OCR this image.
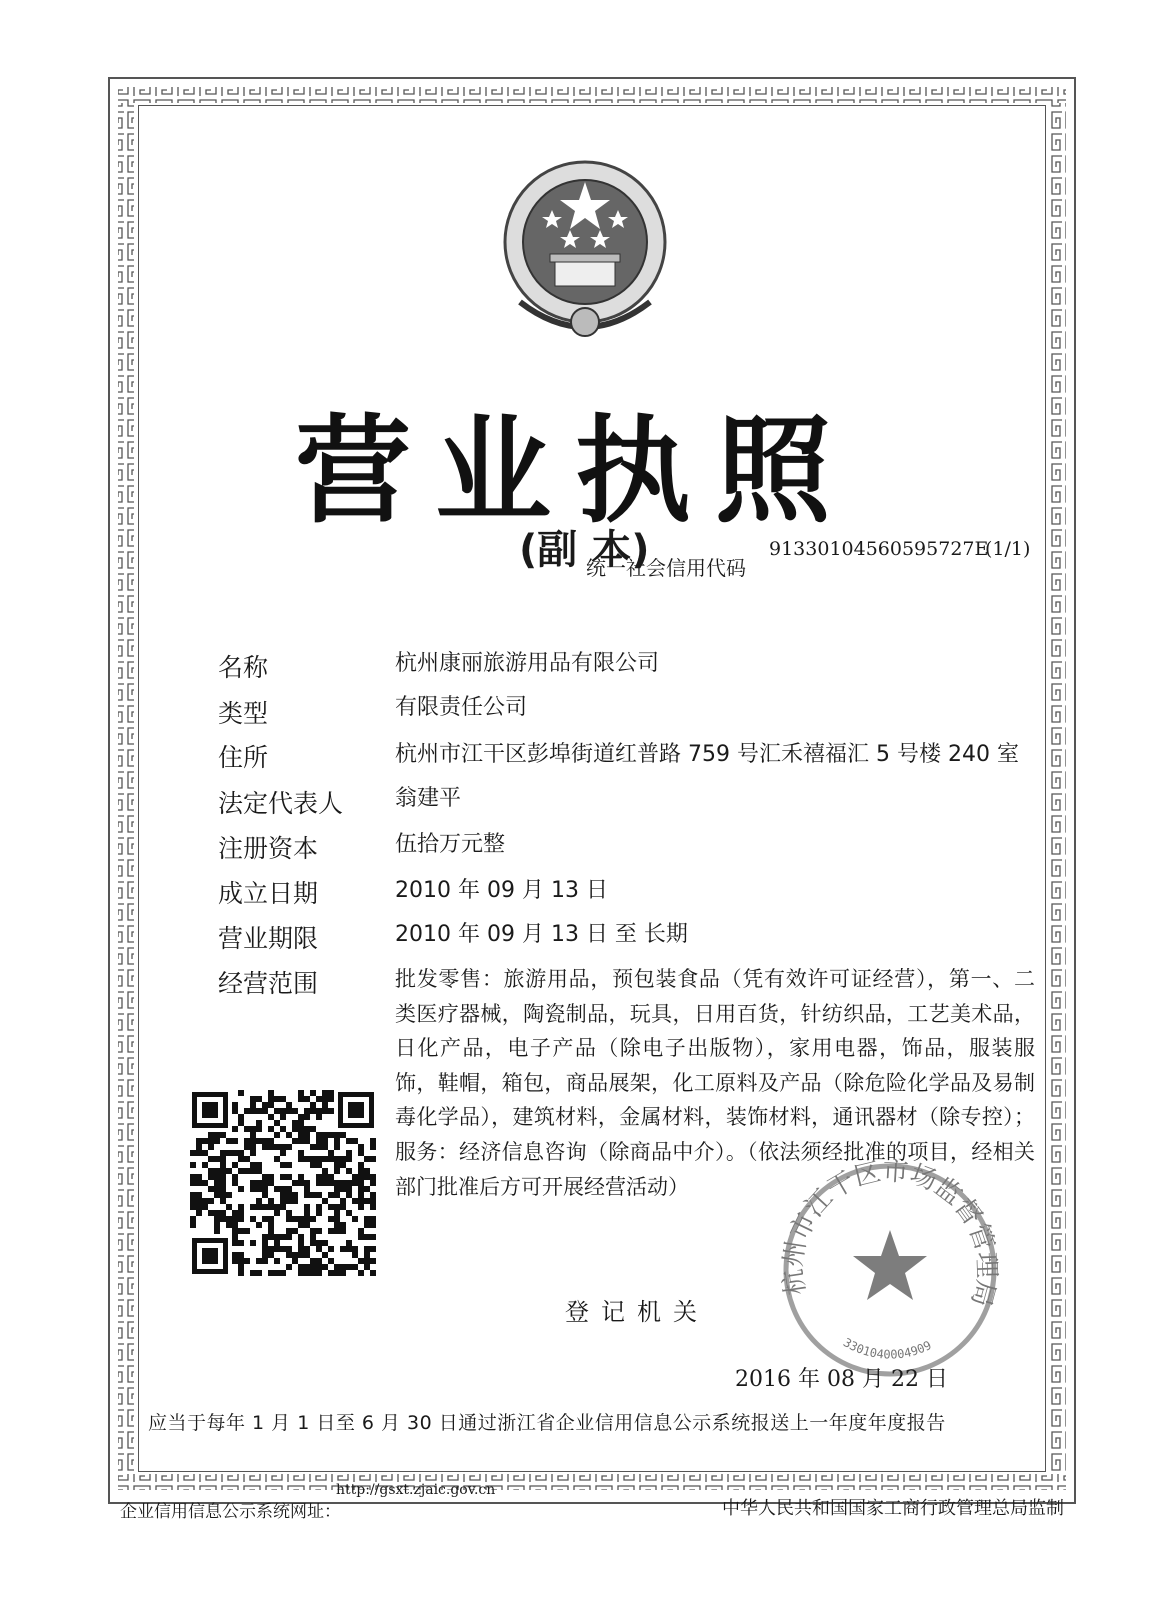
营业执照
(副 本)
统一社会信用代码
91330104560595727E
(1/1)
名称	杭州康丽旅游用品有限公司
类型	有限责任公司
住所	杭州市江干区彭埠街道红普路 759 号汇禾禧福汇 5 号楼 240 室
法定代表人 翁建平
注册资本	伍拾万元整
成立日期	2010 年 09 月 13 日
营业期限	2010 年 09 月 13 日 至 长期
经营范围	批发零售：旅游用品，预包装食品（凭有效许可证经营），第一、二类医疗器械，陶瓷制品，玩具，日用百货，针纺织品，工艺美术品，日化产品，电子产品（除电子出版物），家用电器，饰品，服装服饰，鞋帽，箱包，商品展架，化工原料及产品（除危险化学品及易制毒化学品），建筑材料，金属材料，装饰材料，通讯器材（除专控）；服务：经济信息咨询（除商品中介）。（依法须经批准的项目，经相关部门批准后方可开展经营活动）
登记机关
杭州市江干区市场监督管理局
3301040004909
2016 年 08 月 22 日
应当于每年 1 月 1 日至 6 月 30 日通过浙江省企业信用信息公示系统报送上一年度年度报告
企业信用信息公示系统网址：
http://gsxt.zjaic.gov.cn
中华人民共和国国家工商行政管理总局监制
